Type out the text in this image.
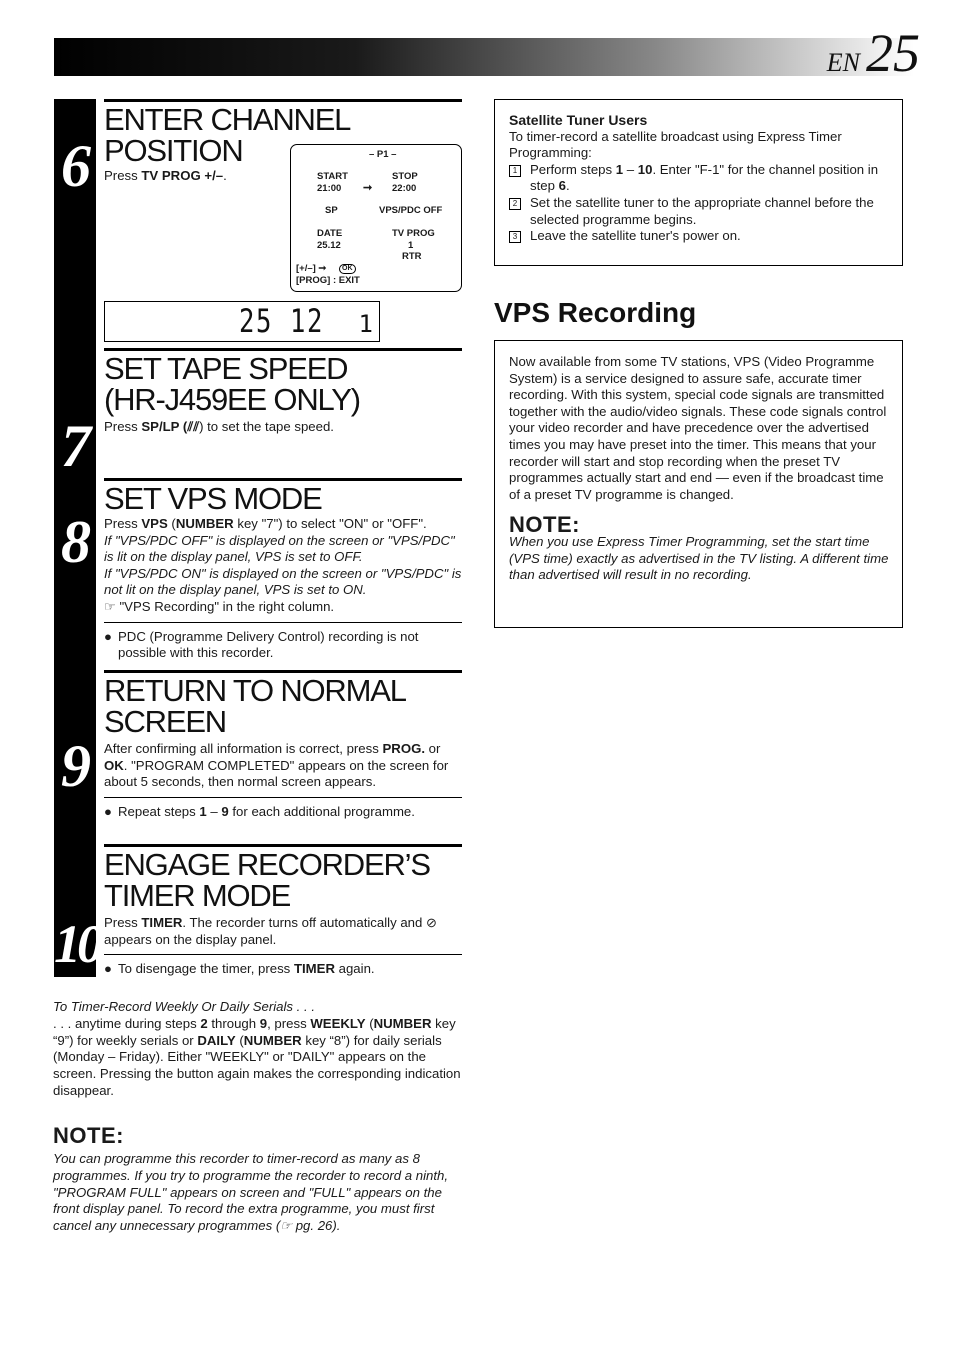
EN 25
6
7
8
9
10
ENTER CHANNEL POSITION

Press TV PROG +/–.

– P1 –
START
21:00 ➞
STOP
22:00
SP	VPS/PDC OFF
DATE
25.12
TV PROG
1
RTR
[+/–] ➞	OK
[PROG] : EXIT
25 12 1
SET TAPE SPEED
(HR-J459EE ONLY)

Press SP/LP (⫽⫽) to set the tape speed.

SET VPS MODE

Press VPS (NUMBER key "7") to select "ON" or "OFF".

If "VPS/PDC OFF" is displayed on the screen or "VPS/PDC" is lit on the display panel, VPS is set to OFF.

If "VPS/PDC ON" is displayed on the screen or "VPS/PDC" is not lit on the display panel, VPS is set to ON.

☞ "VPS Recording" in the right column.

● PDC (Programme Delivery Control) recording is not possible with this recorder.
RETURN TO NORMAL
SCREEN

After confirming all information is correct, press PROG. or OK. "PROGRAM COMPLETED" appears on the screen for about 5 seconds, then normal screen appears.

● Repeat steps 1 – 9 for each additional programme.
ENGAGE RECORDER’S
TIMER MODE

Press TIMER. The recorder turns off automatically and ⊘ appears on the display panel.

● To disengage the timer, press TIMER again.
To Timer-Record Weekly Or Daily Serials . . .
. . . anytime during steps 2 through 9, press WEEKLY (NUMBER key “9”) for weekly serials or DAILY (NUMBER key “8”) for daily serials (Monday – Friday). Either "WEEKLY" or "DAILY" appears on the screen. Pressing the button again makes the corresponding indication disappear.
NOTE:

You can programme this recorder to timer-record as many as 8 programmes. If you try to programme the recorder to record a ninth, "PROGRAM FULL" appears on screen and "FULL" appears on the front display panel. To record the extra programme, you must first cancel any unnecessary programmes (☞ pg. 26).

Satellite Tuner Users
To timer-record a satellite broadcast using Express Timer Programming:
1 Perform steps 1 – 10. Enter "F-1" for the channel position in step 6.
2 Set the satellite tuner to the appropriate channel before the selected programme begins.
3 Leave the satellite tuner's power on.
VPS Recording

Now available from some TV stations, VPS (Video Programme System) is a service designed to assure safe, accurate timer recording. With this system, special code signals are transmitted together with the audio/video signals. These code signals control your video recorder and have precedence over the advertised times you may have preset into the timer. This means that your recorder will start and stop recording when the preset TV programmes actually start and end — even if the broadcast time of a preset TV programme is changed.

NOTE:

When you use Express Timer Programming, set the start time (VPS time) exactly as advertised in the TV listing. A different time than advertised will result in no recording.
